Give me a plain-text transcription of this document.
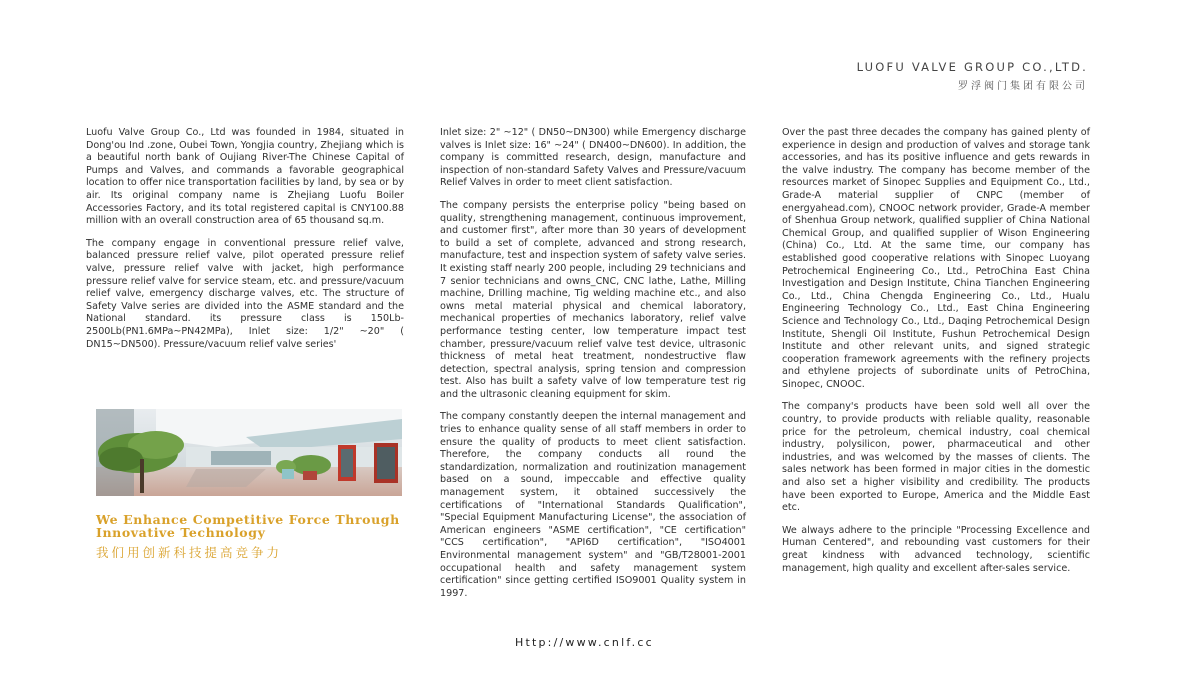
LUOFU VALVE GROUP CO.,LTD.
罗浮阀门集团有限公司

Luofu Valve Group Co., Ltd was founded in 1984, situated in Dong'ou Ind .zone, Oubei Town, Yongjia country, Zhejiang which is a beautiful north bank of Oujiang River-The Chinese Capital of Pumps and Valves, and commands a favorable geographical location to offer nice transportation facilities by land, by sea or by air. Its original company name is Zhejiang Luofu Boiler Accessories Factory, and its total registered capital is CNY100.88 million with an overall construction area of 65 thousand sq.m.

The company engage in conventional pressure relief valve, balanced pressure relief valve, pilot operated pressure relief valve, pressure relief valve with jacket, high performance pressure relief valve for service steam, etc. and pressure/vacuum relief valve, emergency discharge valves, etc. The structure of Safety Valve series are divided into the ASME standard and the National standard. its pressure class is 150Lb-2500Lb(PN1.6MPa~PN42MPa), Inlet size: 1/2" ~20" ( DN15~DN500). Pressure/vacuum relief valve series'

We Enhance Competitive Force Through Innovative Technology
我们用创新科技提高竞争力

Inlet size: 2" ~12" ( DN50~DN300) while Emergency discharge valves is Inlet size: 16" ~24" ( DN400~DN600). In addition, the company is committed research, design, manufacture and inspection of non-standard Safety Valves and Pressure/vacuum Relief Valves in order to meet client satisfaction.

The company persists the enterprise policy "being based on quality, strengthening management, continuous improvement, and customer first", after more than 30 years of development to build a set of complete, advanced and strong research, manufacture, test and inspection system of safety valve series. It existing staff nearly 200 people, including 29 technicians and 7 senior technicians and owns_CNC, CNC lathe, Lathe, Milling machine, Drilling machine, Tig welding machine etc., and also owns metal material physical and chemical laboratory, mechanical properties of mechanics laboratory, relief valve performance testing center, low temperature impact test chamber, pressure/vacuum relief valve test device, ultrasonic thickness of metal heat treatment, nondestructive flaw detection, spectral analysis, spring tension and compression test. Also has built a safety valve of low temperature test rig and the ultrasonic cleaning equipment for skim.

The company constantly deepen the internal management and tries to enhance quality sense of all staff members in order to ensure the quality of products to meet client satisfaction. Therefore, the company conducts all round the standardization, normalization and routinization management based on a sound, impeccable and effective quality management system, it obtained successively the certifications of "International Standards Qualification", "Special Equipment Manufacturing License", the association of American engineers "ASME certification", "CE certification" "CCS certification", "API6D certification", "ISO4001 Environmental management system" and "GB/T28001-2001 occupational health and safety management system certification" since getting certified ISO9001 Quality system in 1997.

Over the past three decades the company has gained plenty of experience in design and production of valves and storage tank accessories, and has its positive influence and gets rewards in the valve industry. The company has become member of the resources market of Sinopec Supplies and Equipment Co., Ltd., Grade-A material supplier of CNPC (member of energyahead.com), CNOOC network provider, Grade-A member of Shenhua Group network, qualified supplier of China National Chemical Group, and qualified supplier of Wison Engineering (China) Co., Ltd. At the same time, our company has established good cooperative relations with Sinopec Luoyang Petrochemical Engineering Co., Ltd., PetroChina East China Investigation and Design Institute, China Tianchen Engineering Co., Ltd., China Chengda Engineering Co., Ltd., Hualu Engineering Technology Co., Ltd., East China Engineering Science and Technology Co., Ltd., Daqing Petrochemical Design Institute, Shengli Oil Institute, Fushun Petrochemical Design Institute and other relevant units, and signed strategic cooperation framework agreements with the refinery projects and ethylene projects of subordinate units of PetroChina, Sinopec, CNOOC.

The company's products have been sold well all over the country, to provide products with reliable quality, reasonable price for the petroleum, chemical industry, coal chemical industry, polysilicon, power, pharmaceutical and other industries, and was welcomed by the masses of clients. The sales network has been formed in major cities in the domestic and also set a higher visibility and credibility. The products have been exported to Europe, America and the Middle East etc.

We always adhere to the principle "Processing Excellence and Human Centered", and rebounding vast customers for their great kindness with advanced technology, scientific management, high quality and excellent after-sales service.

Http://www.cnlf.cc
